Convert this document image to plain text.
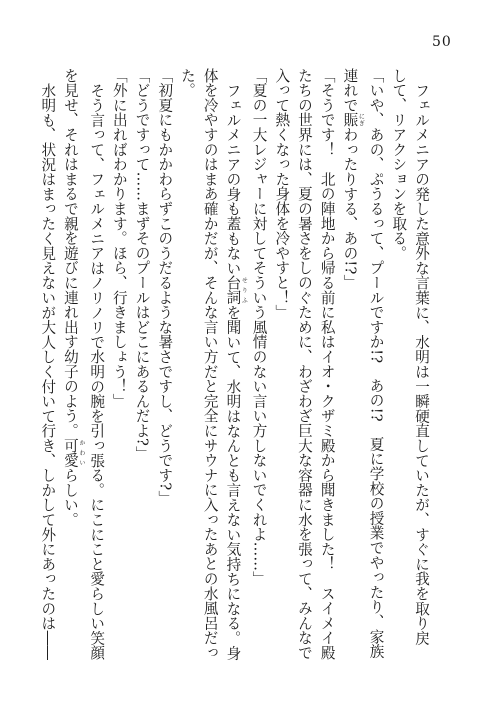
50
フェルメニアの発した意外な言葉に、水明は一瞬硬直していたが、すぐに我を取り戻
して、リアクションを取る。
「いや、あの、ぷうるって、プールですか!?　あの!?　夏に学校の授業でやったり、家族
連れで賑 にぎわったりする、あの!?」
「そうです！　北の陣地から帰る前に私はイオ・クザミ殿から聞きました！　スイメイ殿
たちの世界には、夏の暑さをしのぐために、わざわざ巨大な容器に水を張って、みんなで
入って熱くなった身体を冷やすと！」
「夏の一大レジャーに対してそういう風情のない言い方しないでくれよ……」
フェルメニアの身も蓋もない台詞 せりふを聞いて、水明はなんとも言えない気持ちになる。身
体を冷やすのはまあ確かだが、そんな言い方だと完全にサウナに入ったあとの水風呂だっ
た。
「初夏にもかかわらずこのうだるような暑さですし、どうです?」
「どうですって……まずそのプールはどこにあるんだよ?」
「外に出ればわかります。ほら、行きましょう！」
そう言って、フェルメニアはノリノリで水明の腕を引っ張る。にこにこと愛らしい笑顔
を見せ、それはまるで親を遊びに連れ出す幼子のよう。可愛 かわいらしい。
水明も、状況はまったく見えないが大人しく付いて行き、しかして外にあったのは――
